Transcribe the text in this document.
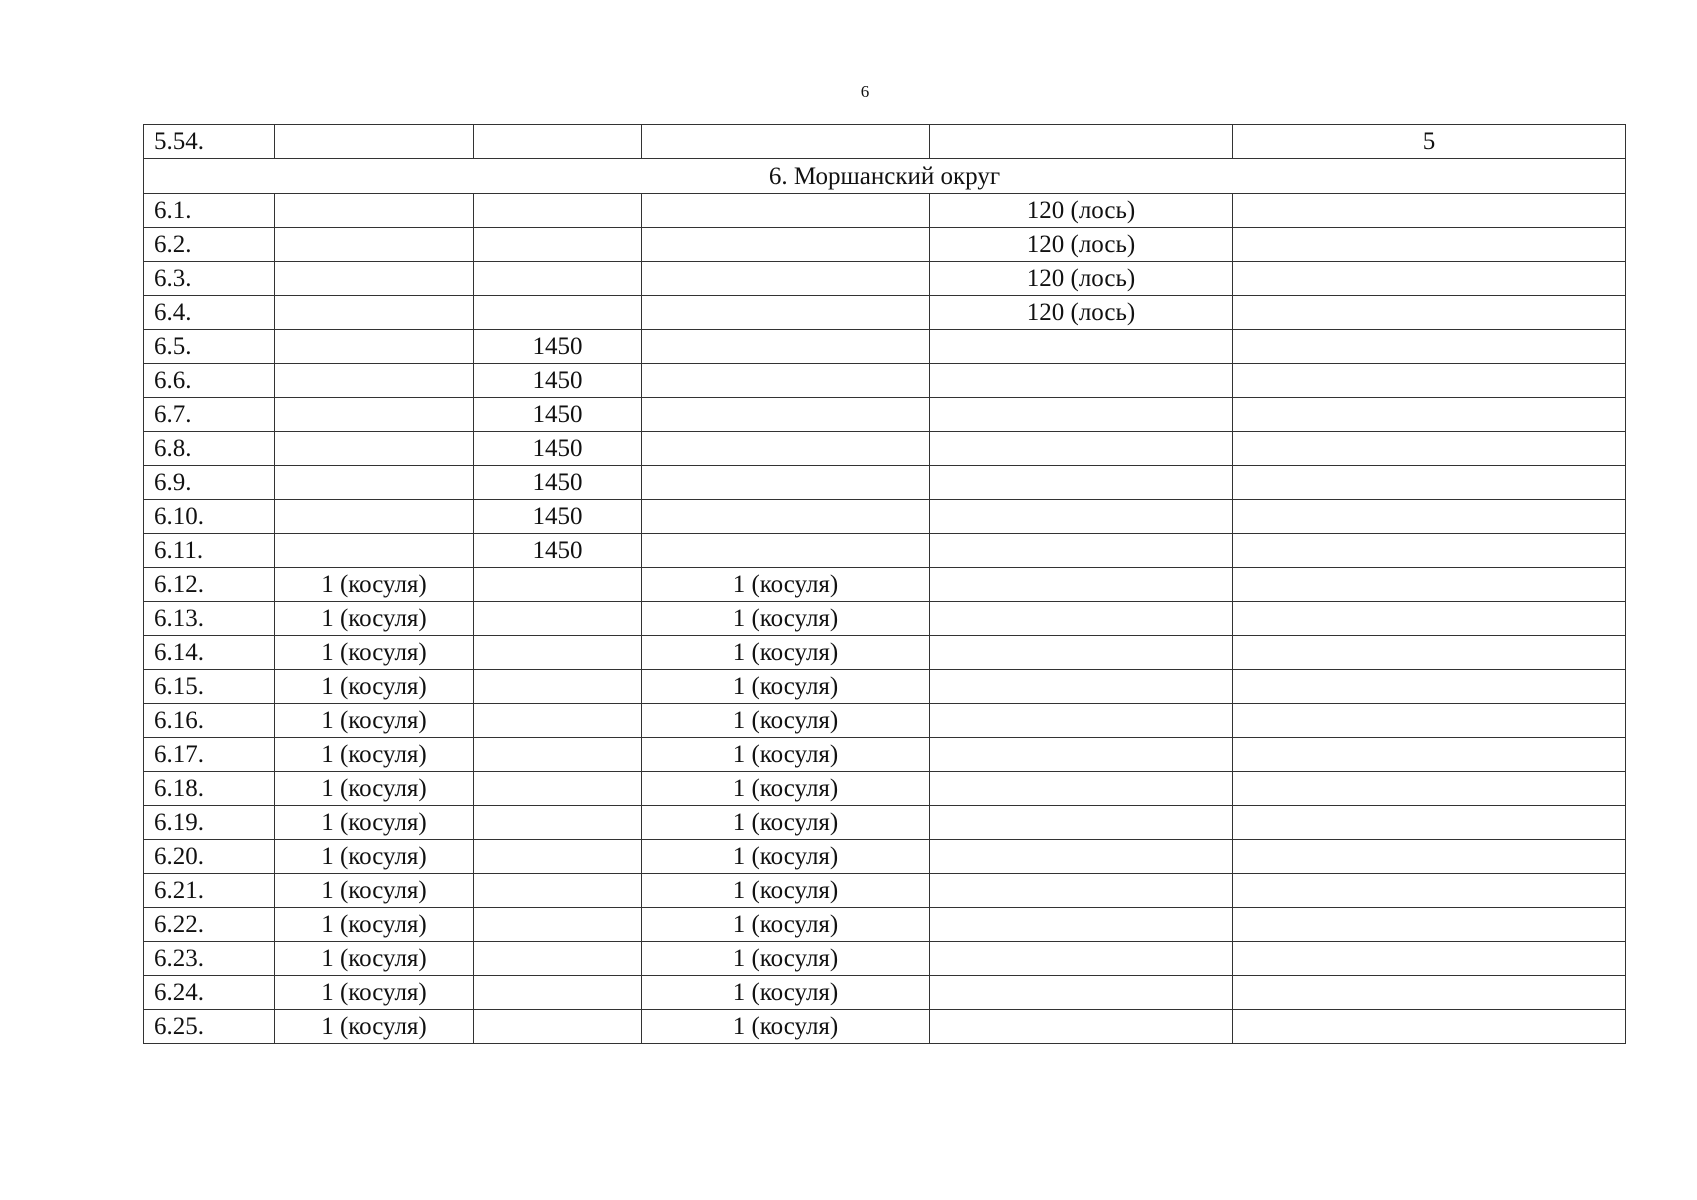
6
5.54.					5
6. Моршанский округ					
6.1.				120 (лось)	
6.2.				120 (лось)	
6.3.				120 (лось)	
6.4.				120 (лось)	
6.5.		1450			
6.6.		1450			
6.7.		1450			
6.8.		1450			
6.9.		1450			
6.10.		1450			
6.11.		1450			
6.12.	1 (косуля)		1 (косуля)		
6.13.	1 (косуля)		1 (косуля)		
6.14.	1 (косуля)		1 (косуля)		
6.15.	1 (косуля)		1 (косуля)		
6.16.	1 (косуля)		1 (косуля)		
6.17.	1 (косуля)		1 (косуля)		
6.18.	1 (косуля)		1 (косуля)		
6.19.	1 (косуля)		1 (косуля)		
6.20.	1 (косуля)		1 (косуля)		
6.21.	1 (косуля)		1 (косуля)		
6.22.	1 (косуля)		1 (косуля)		
6.23.	1 (косуля)		1 (косуля)		
6.24.	1 (косуля)		1 (косуля)		
6.25.	1 (косуля)		1 (косуля)		
